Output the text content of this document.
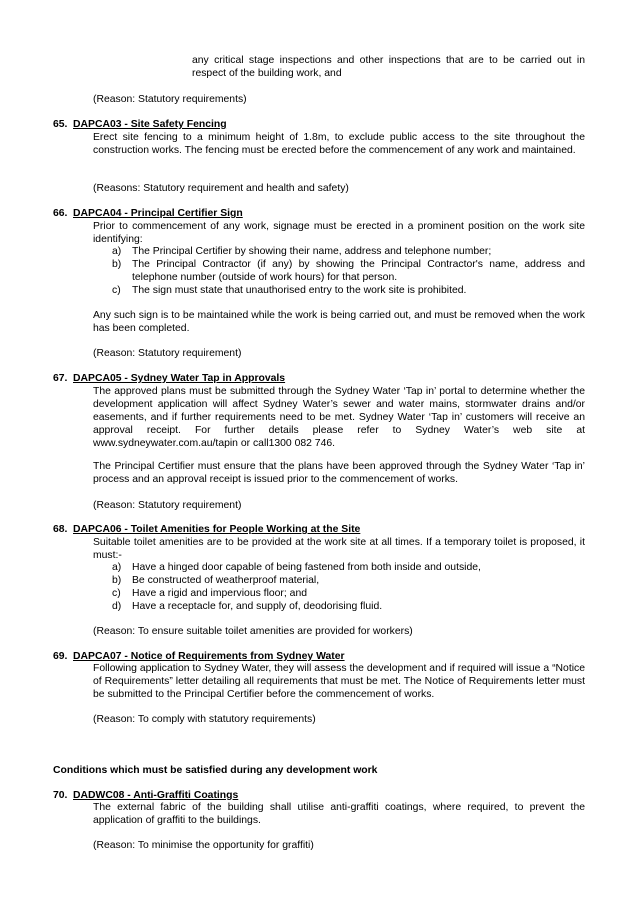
any critical stage inspections and other inspections that are to be carried out in respect of the building work, and

(Reason: Statutory requirements)

65. DAPCA03 - Site Safety Fencing

Erect site fencing to a minimum height of 1.8m, to exclude public access to the site throughout the construction works. The fencing must be erected before the commencement of any work and maintained.

(Reasons: Statutory requirement and health and safety)

66. DAPCA04 - Principal Certifier Sign

Prior to commencement of any work, signage must be erected in a prominent position on the work site identifying:

a)	The Principal Certifier by showing their name, address and telephone number;
b)	The Principal Contractor (if any) by showing the Principal Contractor's name, address and telephone number (outside of work hours) for that person.
c)	The sign must state that unauthorised entry to the work site is prohibited.

Any such sign is to be maintained while the work is being carried out, and must be removed when the work has been completed.

(Reason: Statutory requirement)

67. DAPCA05 - Sydney Water Tap in Approvals

The approved plans must be submitted through the Sydney Water ‘Tap in’ portal to determine whether the development application will affect Sydney Water’s sewer and water mains, stormwater drains and/or easements, and if further requirements need to be met. Sydney Water ‘Tap in’ customers will receive an approval receipt. For further details please refer to Sydney Water’s web site at www.sydneywater.com.au/tapin or call1300 082 746.

The Principal Certifier must ensure that the plans have been approved through the Sydney Water ‘Tap in’ process and an approval receipt is issued prior to the commencement of works.

(Reason: Statutory requirement)

68. DAPCA06 - Toilet Amenities for People Working at the Site

Suitable toilet amenities are to be provided at the work site at all times. If a temporary toilet is proposed, it must:-

a)	Have a hinged door capable of being fastened from both inside and outside,
b)	Be constructed of weatherproof material,
c)	Have a rigid and impervious floor; and
d)	Have a receptacle for, and supply of, deodorising fluid.

(Reason: To ensure suitable toilet amenities are provided for workers)

69. DAPCA07 - Notice of Requirements from Sydney Water

Following application to Sydney Water, they will assess the development and if required will issue a “Notice of Requirements” letter detailing all requirements that must be met. The Notice of Requirements letter must be submitted to the Principal Certifier before the commencement of works.

(Reason: To comply with statutory requirements)

Conditions which must be satisfied during any development work

70. DADWC08 - Anti-Graffiti Coatings

The external fabric of the building shall utilise anti-graffiti coatings, where required, to prevent the application of graffiti to the buildings.

(Reason: To minimise the opportunity for graffiti)
